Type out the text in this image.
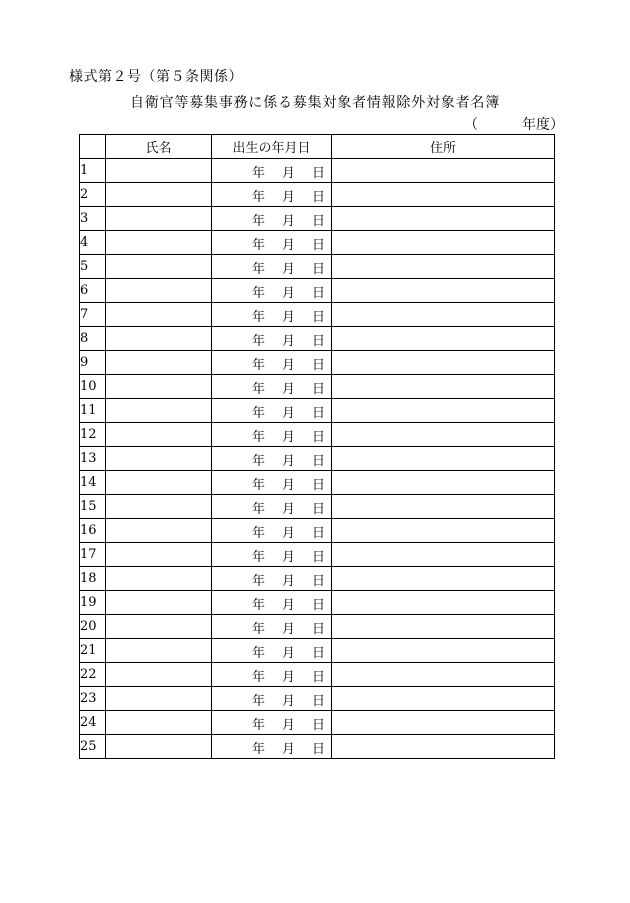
様式第２号（第５条関係）
自衛官等募集事務に係る募集対象者情報除外対象者名簿
（	年度）
	氏名	出生の年月日	住所
1		年 月 日	

2		年 月 日	

3		年 月 日	

4		年 月 日	

5		年 月 日	

6		年 月 日	

7		年 月 日	

8		年 月 日	

9		年 月 日	

10		年 月 日	

11		年 月 日	

12		年 月 日	

13		年 月 日	

14		年 月 日	

15		年 月 日	

16		年 月 日	

17		年 月 日	

18		年 月 日	

19		年 月 日	

20		年 月 日	

21		年 月 日	

22		年 月 日	

23		年 月 日	

24		年 月 日	

25		年 月 日	
